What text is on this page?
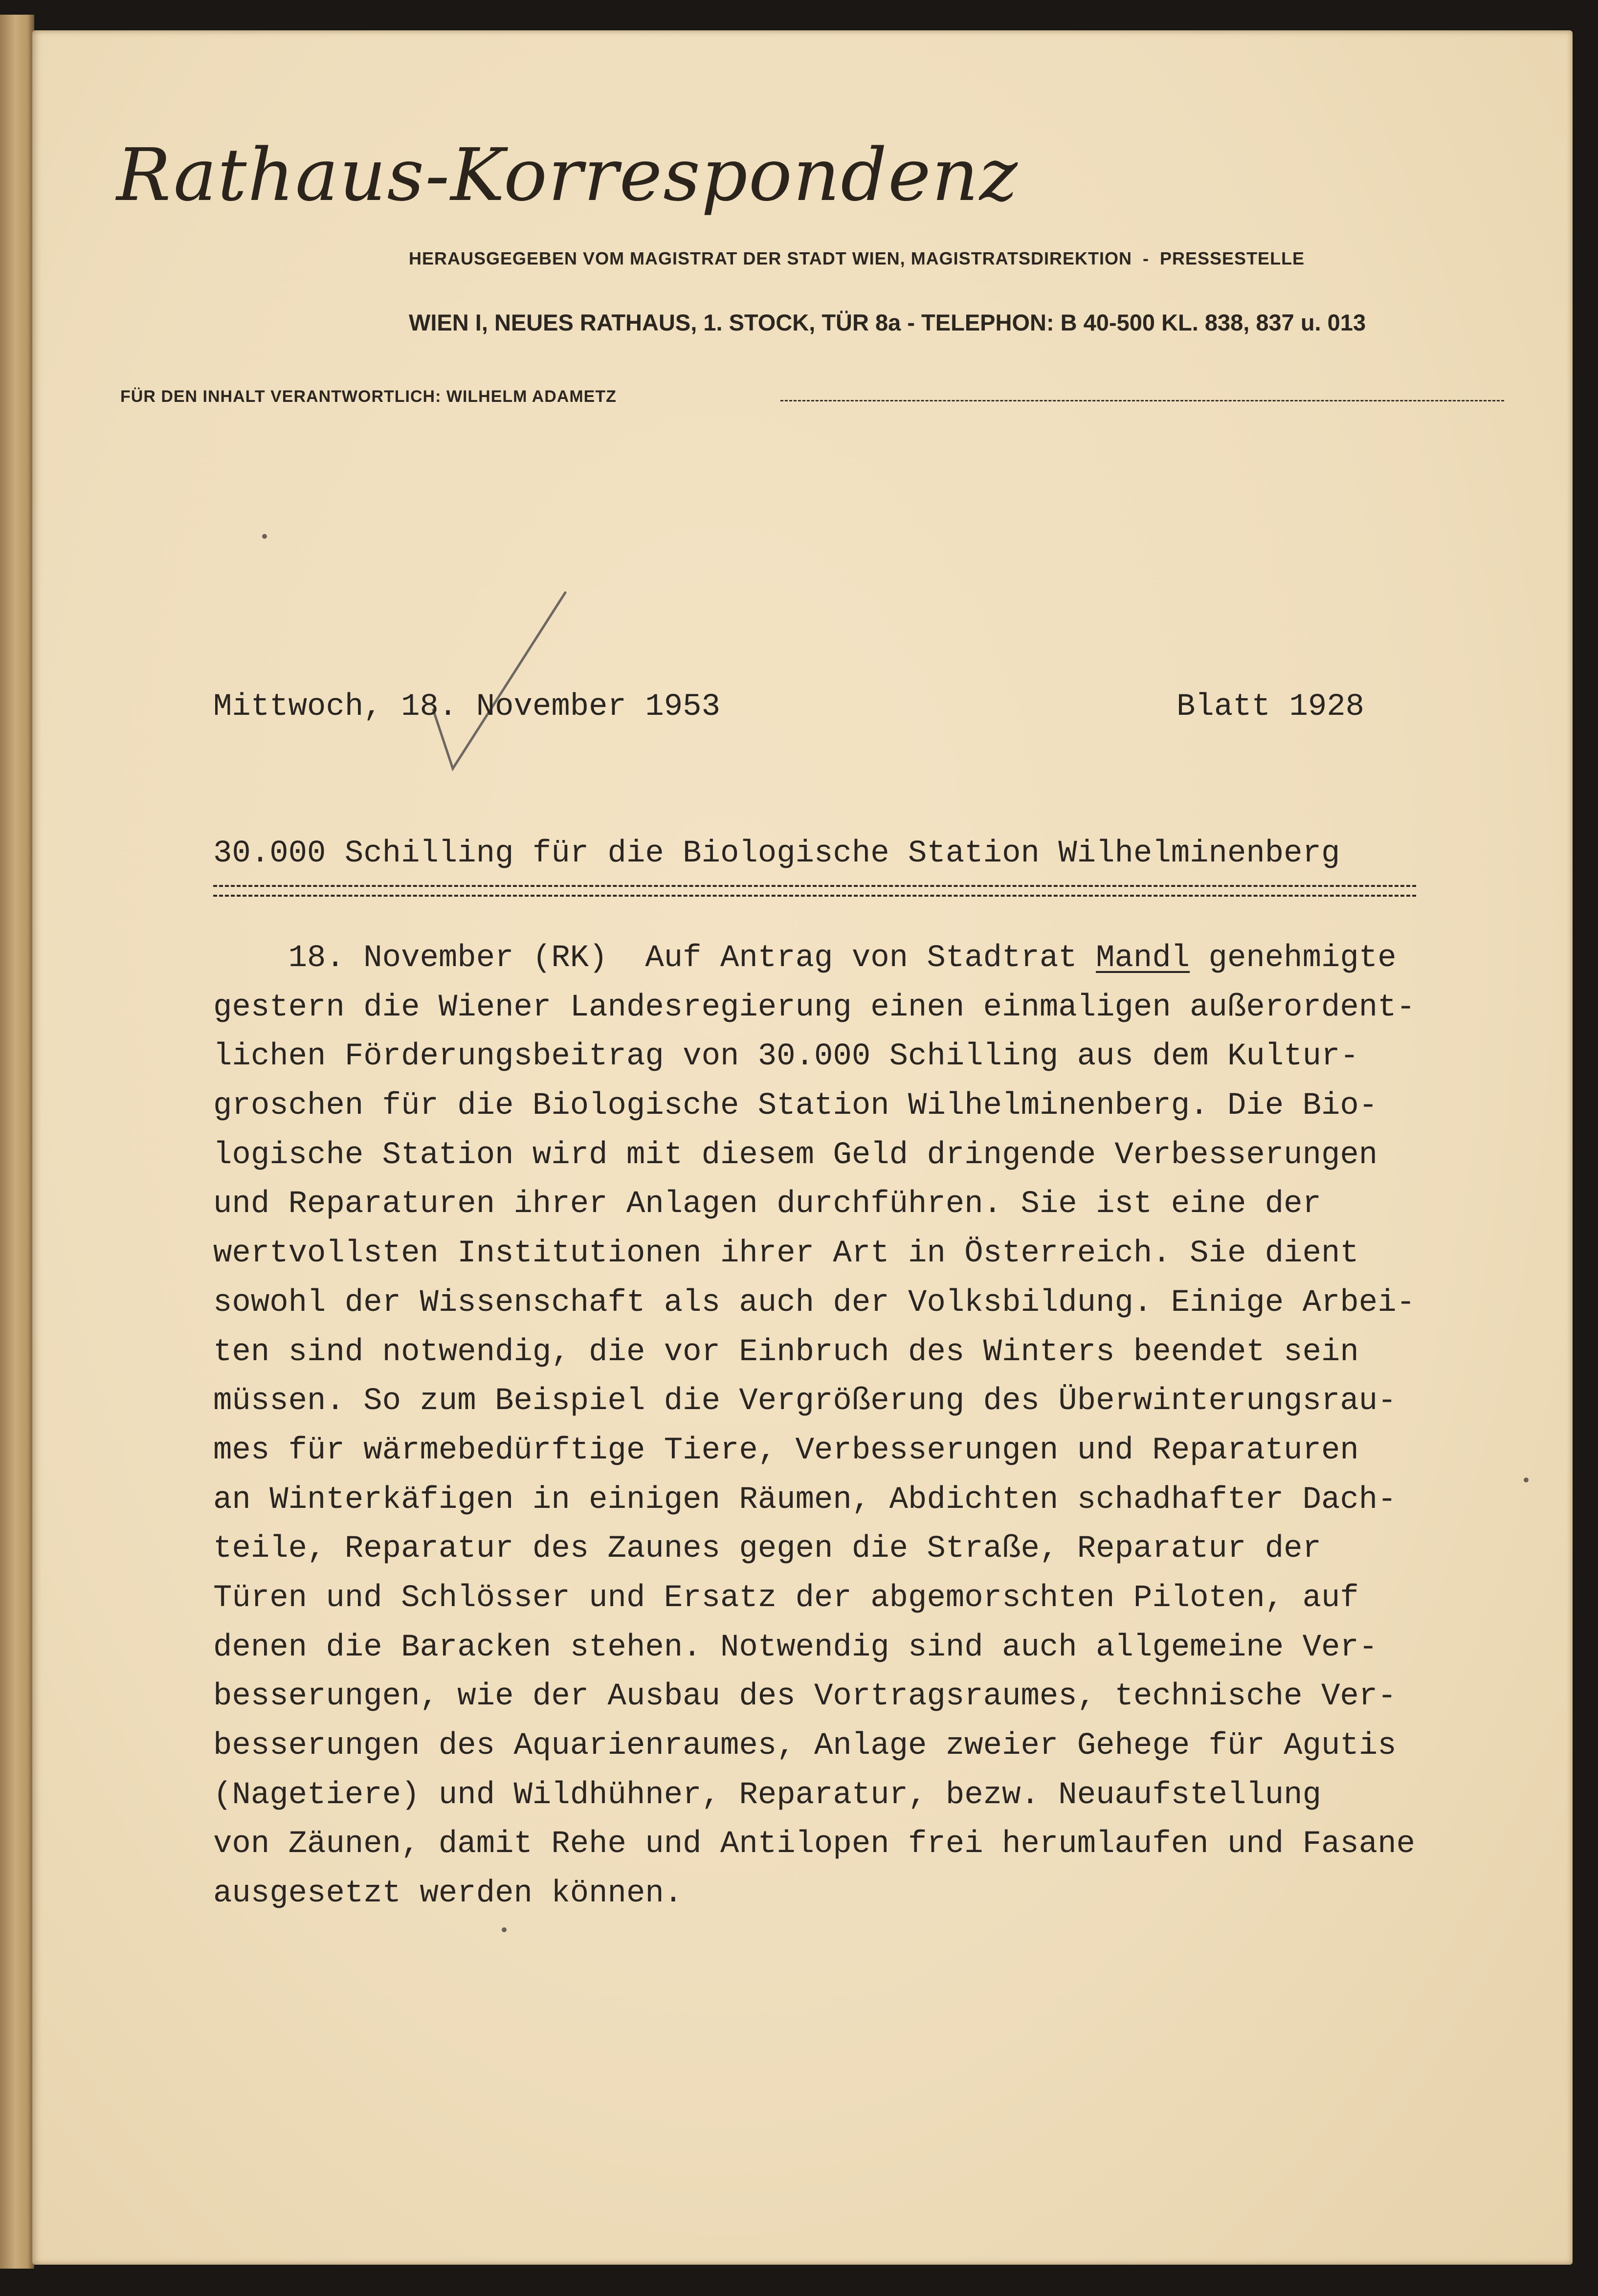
Rathaus-Korrespondenz
HERAUSGEGEBEN VOM MAGISTRAT DER STADT WIEN, MAGISTRATSDIREKTION  -  PRESSESTELLE
WIEN I, NEUES RATHAUS, 1. STOCK, TÜR 8a - TELEPHON: B 40-500 KL. 838, 837 u. 013
FÜR DEN INHALT VERANTWORTLICH: WILHELM ADAMETZ
Mittwoch, 18. November 1953	Blatt 1928
30.000 Schilling für die Biologische Station Wilhelminenberg
18. November (RK)  Auf Antrag von Stadtrat Mandl genehmigte
gestern die Wiener Landesregierung einen einmaligen außerordent-
lichen Förderungsbeitrag von 30.000 Schilling aus dem Kultur-
groschen für die Biologische Station Wilhelminenberg. Die Bio-
logische Station wird mit diesem Geld dringende Verbesserungen
und Reparaturen ihrer Anlagen durchführen. Sie ist eine der
wertvollsten Institutionen ihrer Art in Österreich. Sie dient
sowohl der Wissenschaft als auch der Volksbildung. Einige Arbei-
ten sind notwendig, die vor Einbruch des Winters beendet sein
müssen. So zum Beispiel die Vergrößerung des Überwinterungsrau-
mes für wärmebedürftige Tiere, Verbesserungen und Reparaturen
an Winterkäfigen in einigen Räumen, Abdichten schadhafter Dach-
teile, Reparatur des Zaunes gegen die Straße, Reparatur der
Türen und Schlösser und Ersatz der abgemorschten Piloten, auf
denen die Baracken stehen. Notwendig sind auch allgemeine Ver-
besserungen, wie der Ausbau des Vortragsraumes, technische Ver-
besserungen des Aquarienraumes, Anlage zweier Gehege für Agutis
(Nagetiere) und Wildhühner, Reparatur, bezw. Neuaufstellung
von Zäunen, damit Rehe und Antilopen frei herumlaufen und Fasane
ausgesetzt werden können.
